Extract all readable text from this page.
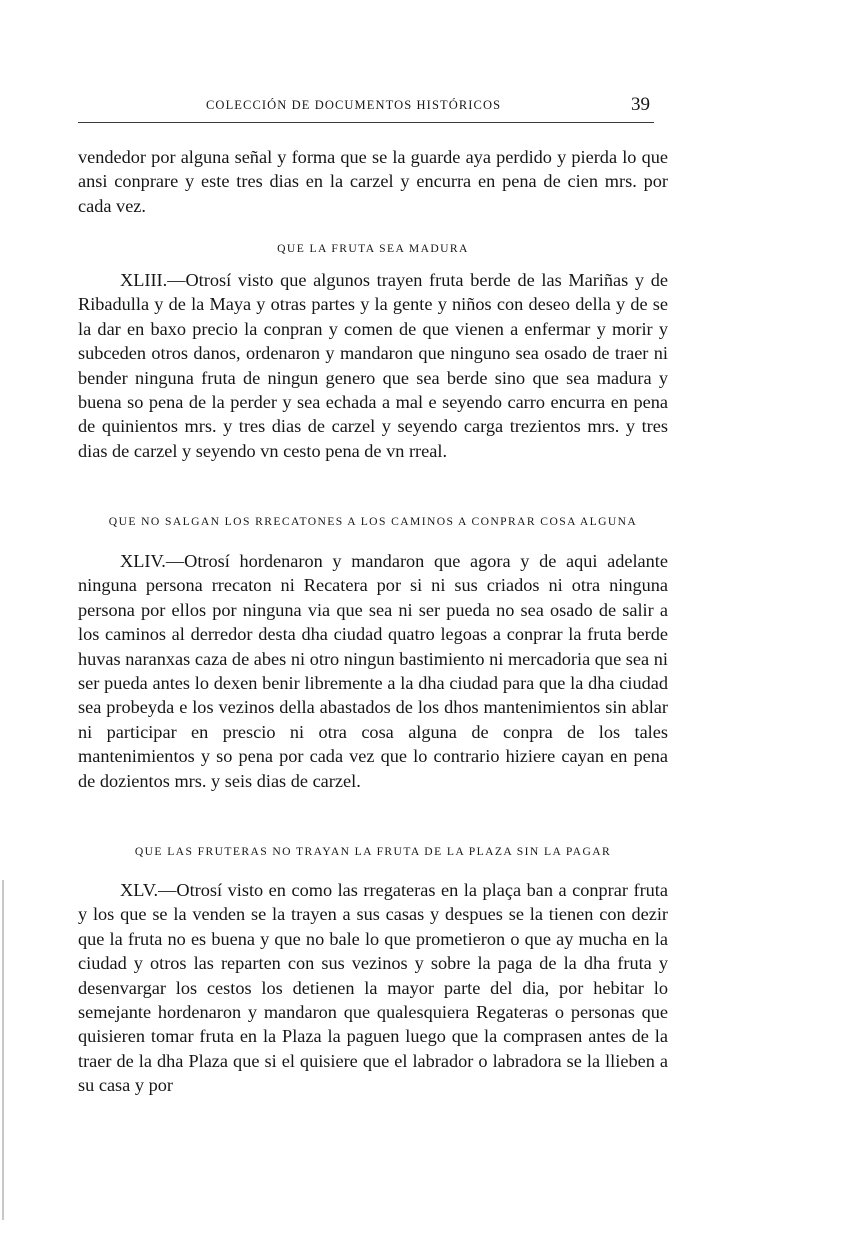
COLECCIÓN DE DOCUMENTOS HISTÓRICOS	39

vendedor por alguna señal y forma que se la guarde aya perdido y pierda lo que ansi conprare y este tres dias en la carzel y encurra en pena de cien mrs. por cada vez.

QUE LA FRUTA SEA MADURA

XLIII.—Otrosí visto que algunos trayen fruta berde de las Mariñas y de Ribadulla y de la Maya y otras partes y la gente y niños con deseo della y de se la dar en baxo precio la conpran y comen de que vienen a enfermar y morir y subceden otros danos, ordenaron y mandaron que ninguno sea osado de traer ni bender ninguna fruta de ningun genero que sea berde sino que sea madura y buena so pena de la perder y sea echada a mal e seyendo carro encurra en pena de quinientos mrs. y tres dias de carzel y seyendo carga trezientos mrs. y tres dias de carzel y seyendo vn cesto pena de vn rreal.

QUE NO SALGAN LOS RRECATONES A LOS CAMINOS A CONPRAR COSA ALGUNA

XLIV.—Otrosí hordenaron y mandaron que agora y de aqui adelante ninguna persona rrecaton ni Recatera por si ni sus criados ni otra ninguna persona por ellos por ninguna via que sea ni ser pueda no sea osado de salir a los caminos al derredor desta dha ciudad quatro legoas a conprar la fruta berde huvas naranxas caza de abes ni otro ningun bastimiento ni mercadoria que sea ni ser pueda antes lo dexen benir libremente a la dha ciudad para que la dha ciudad sea probeyda e los vezinos della abastados de los dhos mantenimientos sin ablar ni participar en prescio ni otra cosa alguna de conpra de los tales mantenimientos y so pena por cada vez que lo contrario hiziere cayan en pena de dozientos mrs. y seis dias de carzel.

QUE LAS FRUTERAS NO TRAYAN LA FRUTA DE LA PLAZA SIN LA PAGAR

XLV.—Otrosí visto en como las rregateras en la plaça ban a conprar fruta y los que se la venden se la trayen a sus casas y despues se la tienen con dezir que la fruta no es buena y que no bale lo que prometieron o que ay mucha en la ciudad y otros las reparten con sus vezinos y sobre la paga de la dha fruta y desenvargar los cestos los detienen la mayor parte del dia, por hebitar lo semejante hordenaron y mandaron que qualesquiera Regateras o personas que quisieren tomar fruta en la Plaza la paguen luego que la comprasen antes de la traer de la dha Plaza que si el quisiere que el labrador o labradora se la llieben a su casa y por
